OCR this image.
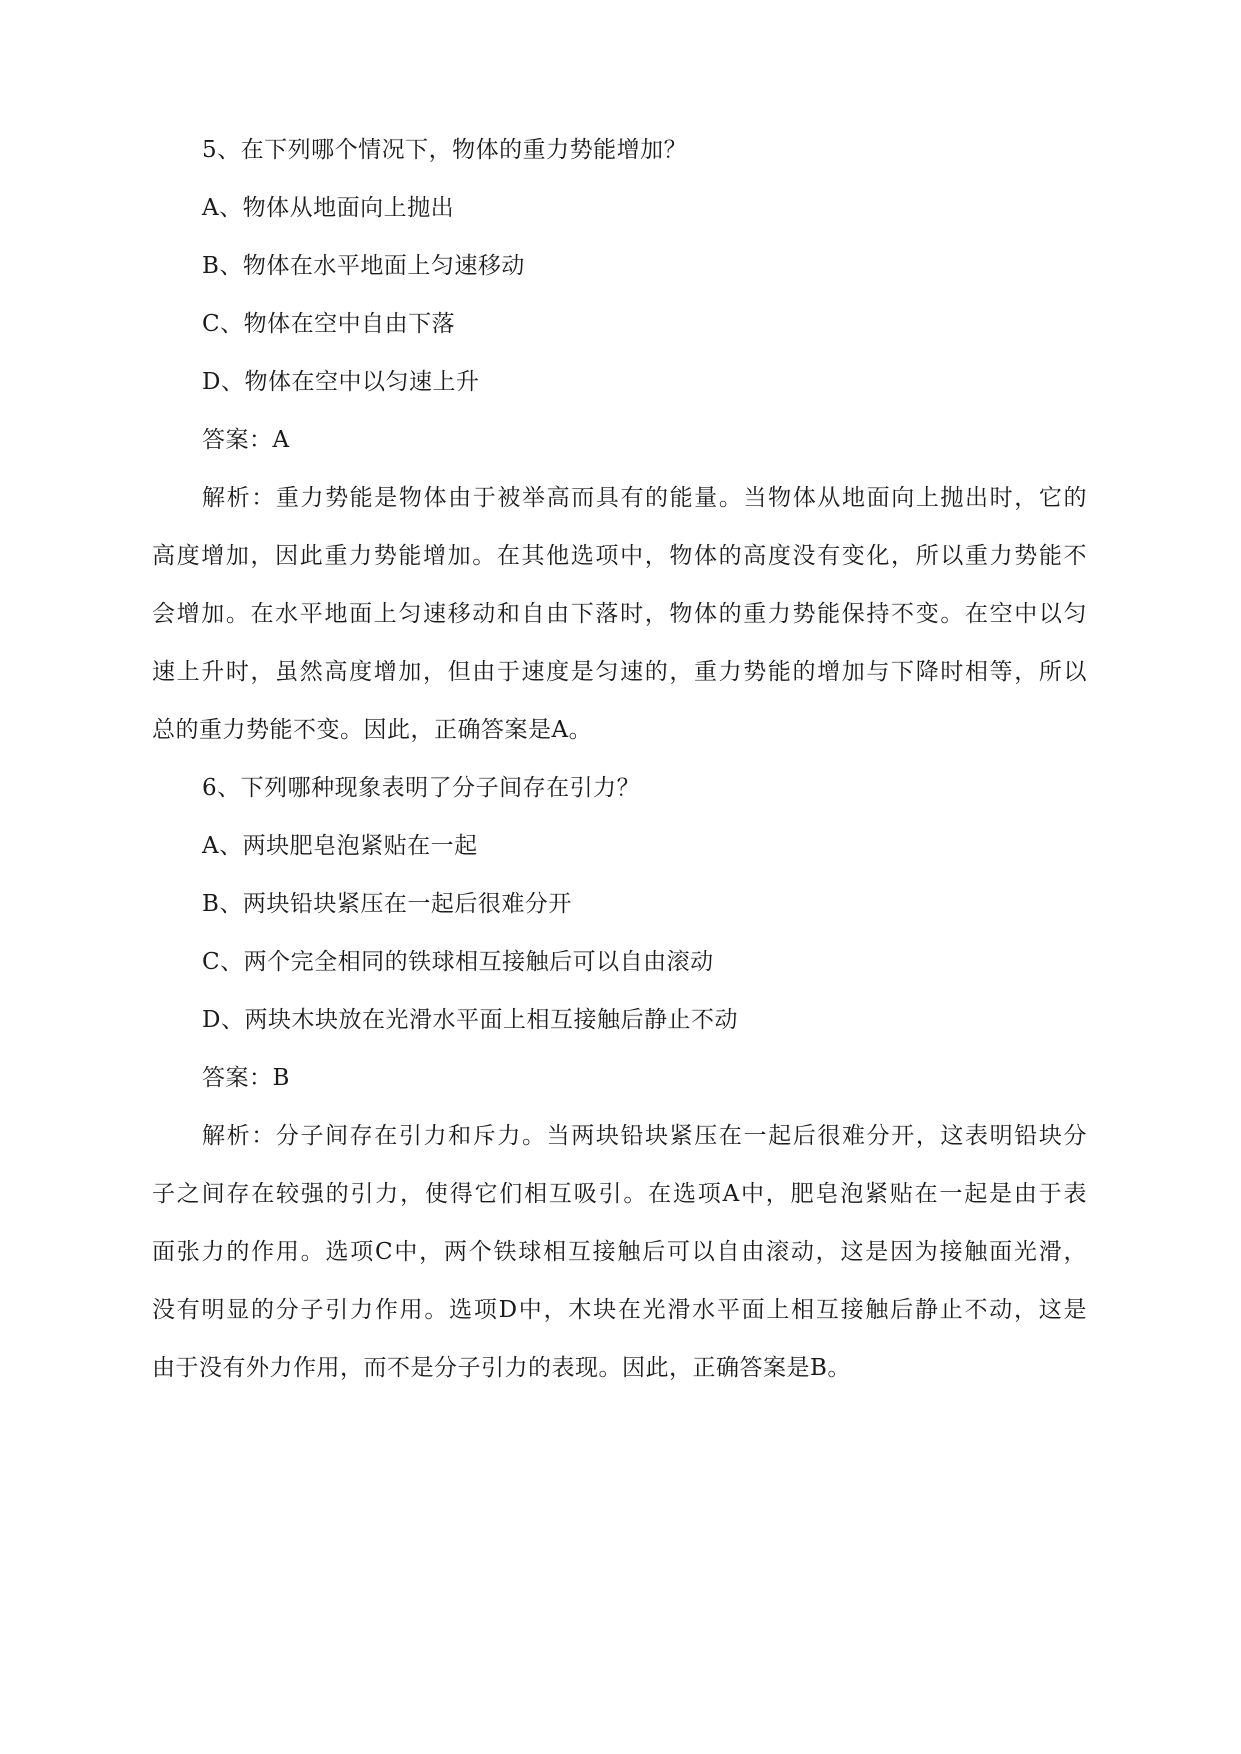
5、在下列哪个情况下，物体的重力势能增加？
A、物体从地面向上抛出
B、物体在水平地面上匀速移动
C、物体在空中自由下落
D、物体在空中以匀速上升
答案：A
解析：重力势能是物体由于被举高而具有的能量。当物体从地面向上抛出时，它的
高度增加，因此重力势能增加。在其他选项中，物体的高度没有变化，所以重力势能不
会增加。在水平地面上匀速移动和自由下落时，物体的重力势能保持不变。在空中以匀
速上升时，虽然高度增加，但由于速度是匀速的，重力势能的增加与下降时相等，所以
总的重力势能不变。因此，正确答案是A。
6、下列哪种现象表明了分子间存在引力？
A、两块肥皂泡紧贴在一起
B、两块铅块紧压在一起后很难分开
C、两个完全相同的铁球相互接触后可以自由滚动
D、两块木块放在光滑水平面上相互接触后静止不动
答案：B
解析：分子间存在引力和斥力。当两块铅块紧压在一起后很难分开，这表明铅块分
子之间存在较强的引力，使得它们相互吸引。在选项A中，肥皂泡紧贴在一起是由于表
面张力的作用。选项C中，两个铁球相互接触后可以自由滚动，这是因为接触面光滑，
没有明显的分子引力作用。选项D中，木块在光滑水平面上相互接触后静止不动，这是
由于没有外力作用，而不是分子引力的表现。因此，正确答案是B。
